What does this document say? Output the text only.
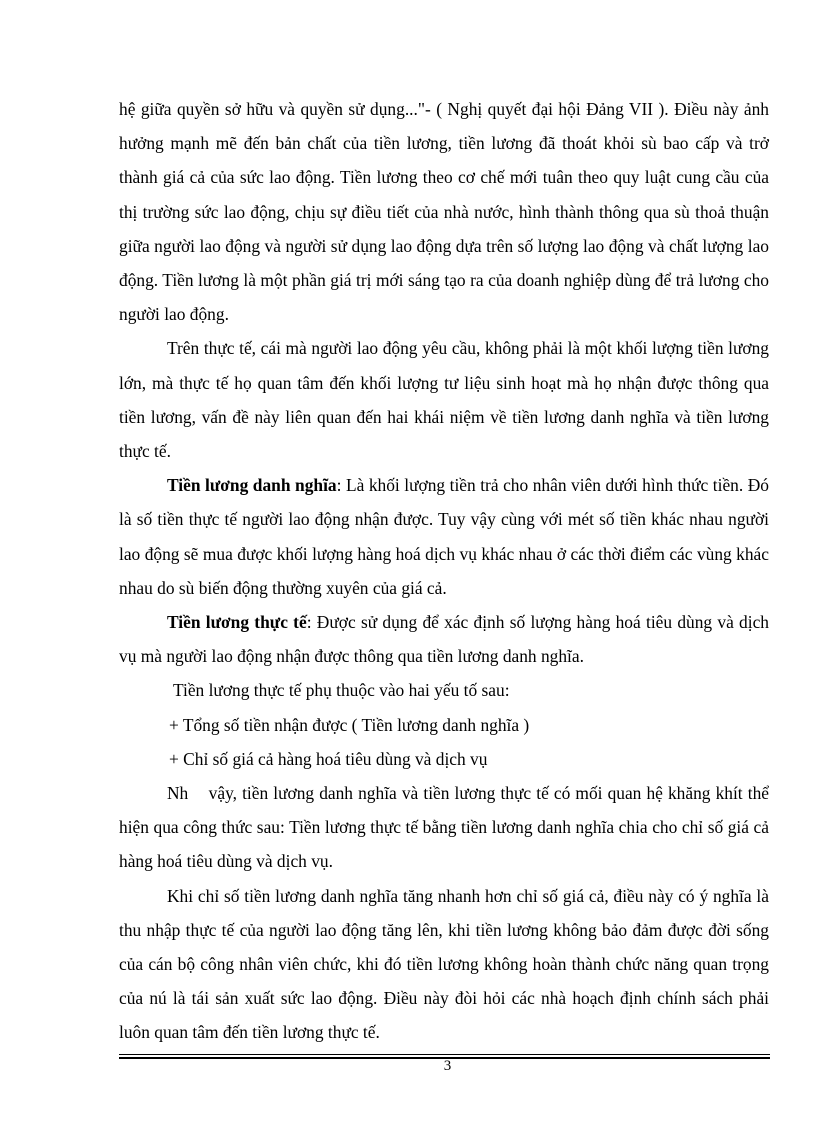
hệ giữa quyền sở hữu và quyền sử dụng..."- ( Nghị quyết đại hội Đảng VII ). Điều này ảnh hưởng mạnh mẽ đến bản chất của tiền lương, tiền lương đã thoát khỏi sù bao cấp và trở thành giá cả của sức lao động. Tiền lương theo cơ chế mới tuân theo quy luật cung cầu của thị trường sức lao động, chịu sự điều tiết của nhà nước, hình thành thông qua sù thoả thuận giữa người lao động và người sử dụng lao động dựa trên số lượng lao động và chất lượng lao động. Tiền lương là một phần giá trị mới sáng tạo ra của doanh nghiệp dùng để trả lương cho người lao động.

Trên thực tế, cái mà người lao động yêu cầu, không phải là một khối lượng tiền lương lớn, mà thực tế họ quan tâm đến khối lượng tư liệu sinh hoạt mà họ nhận được thông qua tiền lương, vấn đề này liên quan đến hai khái niệm về tiền lương danh nghĩa và tiền lương thực tế.

Tiền lương danh nghĩa: Là khối lượng tiền trả cho nhân viên dưới hình thức tiền. Đó là số tiền thực tế người lao động nhận được. Tuy vậy cùng với mét số tiền khác nhau người lao động sẽ mua được khối lượng hàng hoá dịch vụ khác nhau ở các thời điểm các vùng khác nhau do sù biến động thường xuyên của giá cả.

Tiền lương thực tế: Được sử dụng để xác định số lượng hàng hoá tiêu dùng và dịch vụ mà người lao động nhận được thông qua tiền lương danh nghĩa.

Tiền lương thực tế phụ thuộc vào hai yếu tố sau:

+ Tổng số tiền nhận được ( Tiền lương danh nghĩa )

+ Chỉ số giá cả hàng hoá tiêu dùng và dịch vụ

Nh    vậy, tiền lương danh nghĩa và tiền lương thực tế có mối quan hệ khăng khít thể hiện qua công thức sau: Tiền lương thực tế bằng tiền lương danh nghĩa chia cho chỉ số giá cả hàng hoá tiêu dùng và dịch vụ.

Khi chỉ số tiền lương danh nghĩa tăng nhanh hơn chỉ số giá cả, điều này có ý nghĩa là thu nhập thực tế của người lao động tăng lên, khi tiền lương không bảo đảm được đời sống của cán bộ công nhân viên chức, khi đó tiền lương không hoàn thành chức năng quan trọng của nú là tái sản xuất sức lao động. Điều này đòi hỏi các nhà hoạch định chính sách phải luôn quan tâm đến tiền lương thực tế.

3
